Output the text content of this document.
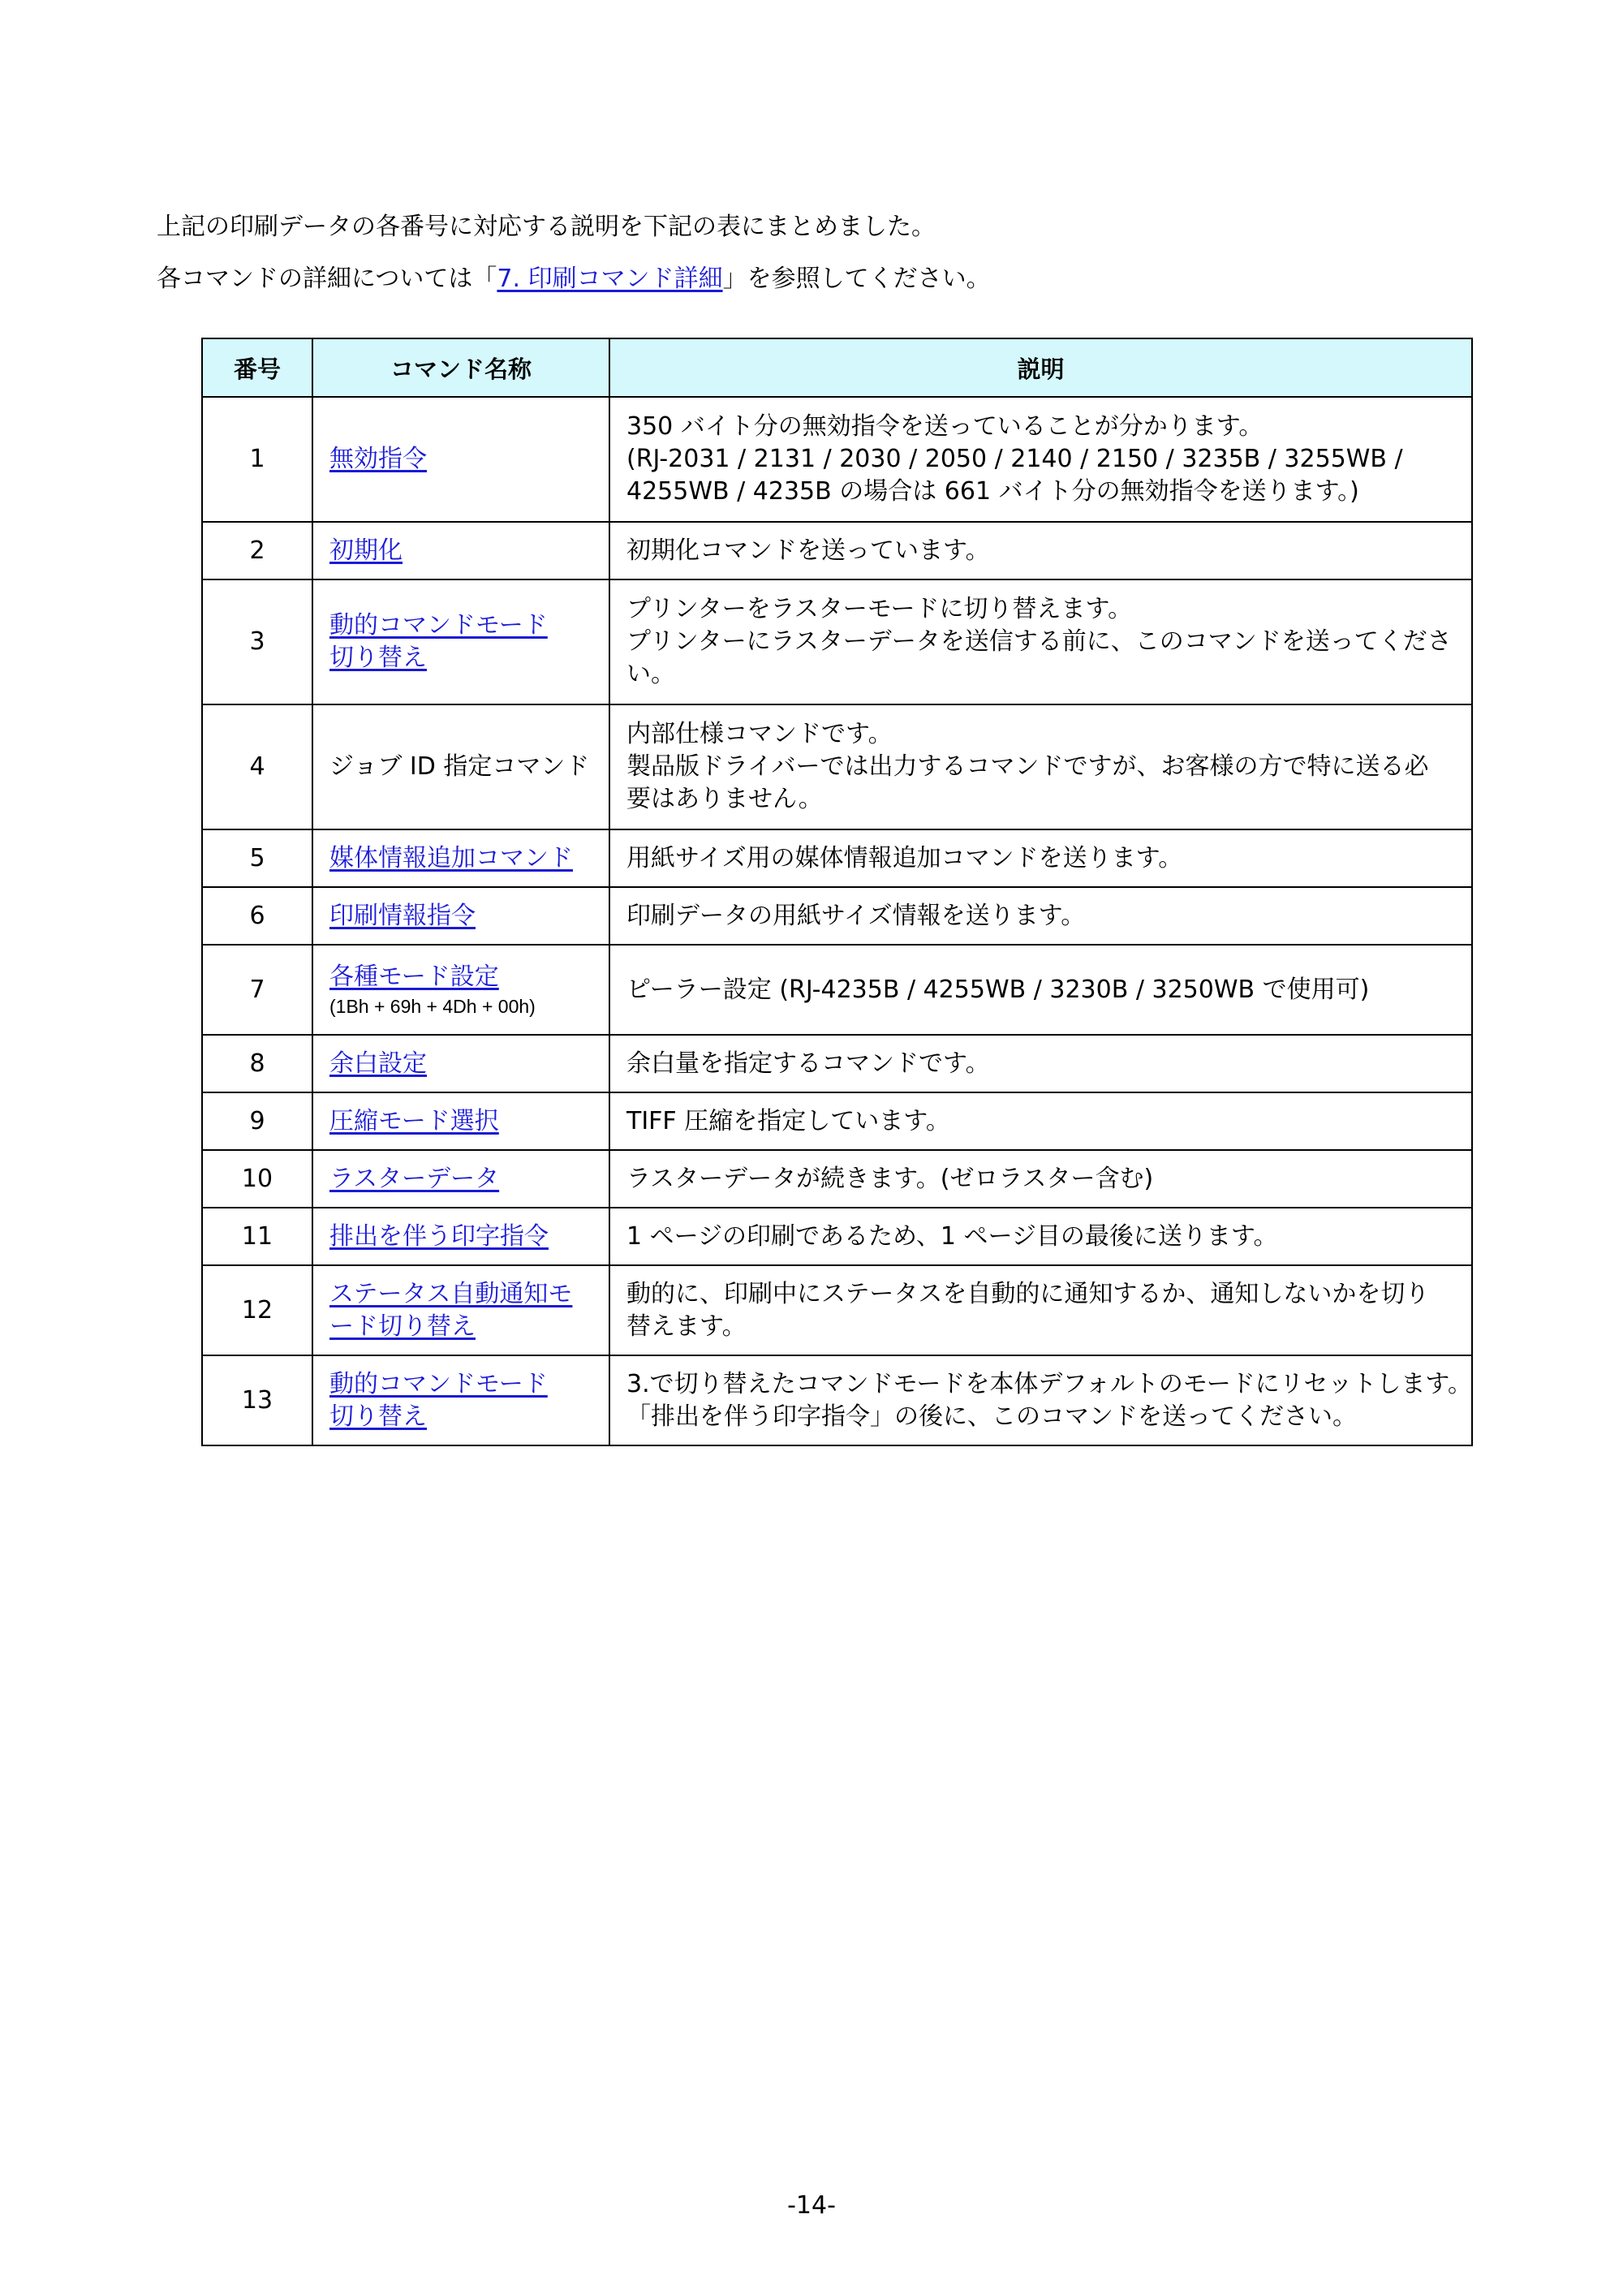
上記の印刷データの各番号に対応する説明を下記の表にまとめました。

各コマンドの詳細については「7. 印刷コマンド詳細」を参照してください。

番号	コマンド名称	説明
1	無効指令	350 バイト分の無効指令を送っていることが分かります。
(RJ-2031 / 2131 / 2030 / 2050 / 2140 / 2150 / 3235B / 3255WB /
4255WB / 4235B の場合は 661 バイト分の無効指令を送ります。)

2	初期化	初期化コマンドを送っています。

3	動的コマンドモード
切り替え	プリンターをラスターモードに切り替えます。
プリンターにラスターデータを送信する前に、このコマンドを送ってくださ
い。

4	ジョブ ID 指定コマンド	内部仕様コマンドです。
製品版ドライバーでは出力するコマンドですが、お客様の方で特に送る必
要はありません。

5	媒体情報追加コマンド	用紙サイズ用の媒体情報追加コマンドを送ります。

6	印刷情報指令	印刷データの用紙サイズ情報を送ります。

7	各種モード設定
(1Bh + 69h + 4Dh + 00h)	ピーラー設定 (RJ-4235B / 4255WB / 3230B / 3250WB で使用可)

8	余白設定	余白量を指定するコマンドです。

9	圧縮モード選択	TIFF 圧縮を指定しています。

10	ラスターデータ	ラスターデータが続きます。(ゼロラスター含む)

11	排出を伴う印字指令	1 ページの印刷であるため、1 ページ目の最後に送ります。

12	ステータス自動通知モ
ード切り替え	動的に、印刷中にステータスを自動的に通知するか、通知しないかを切り
替えます。

13	動的コマンドモード
切り替え	3.で切り替えたコマンドモードを本体デフォルトのモードにリセットします。
「排出を伴う印字指令」の後に、このコマンドを送ってください。
-14-
